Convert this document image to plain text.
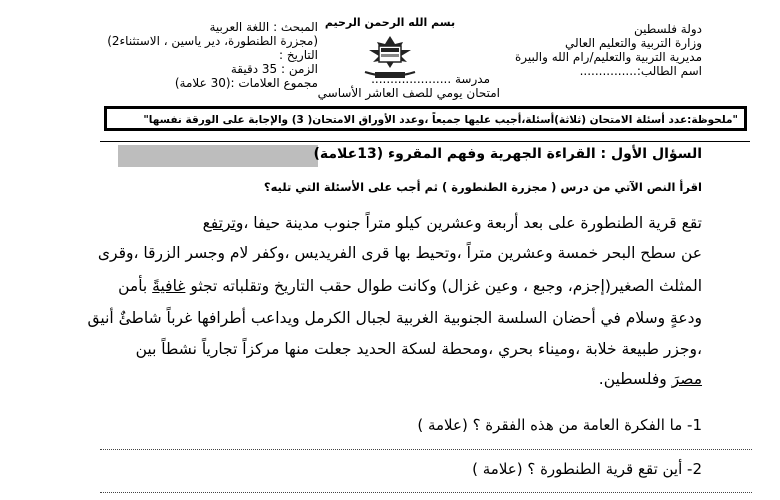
دولة فلسطين
وزارة التربية والتعليم العالي
مديرية التربية والتعليم/رام الله والبيرة
اسم الطالب:...............
بسم الله الرحمن الرحيم
مدرسة .....................
امتحان يومي للصف العاشر الأساسي
المبحث : اللغة العربية
(مجزرة الطنطورة، دير ياسين ، الاستثناء2)
التاريخ :
الزمن : 35 دقيقة
مجموع العلامات :(30 علامة)
"ملحوظة:عدد أسئلة الامتحان (ثلاثة)أسئلة،أجيب عليها جميعاً ،وعدد الأوراق الامتحان( 3) والإجابة على الورقة نفسها"
السؤال الأول : القراءة الجهرية وفهم المقروء (13علامة)
اقرأ النص الآتي من درس ( مجزرة الطنطورة ) ثم أجب على الأسئلة التي تليه؟
تقع قرية الطنطورة على بعد أربعة وعشرين كيلو متراً جنوب مدينة حيفا ،وترتفع
عن سطح البحر خمسة وعشرين متراً ،وتحيط بها قرى الفريديس ،وكفر لام وجسر الزرقا ،وقرى
المثلث الصغير(إجزم، وجبع ، وعين غزال) وكانت طوال حقب التاريخ وتقلباته تجثو غافيةً بأمن
ودعةٍ وسلام في أحضان السلسة الجنوبية الغربية لجبال الكرمل ويداعب أطرافها غرباً شاطئٌ أنيق
،وجزر طبيعة خلابة ،وميناء بحري ،ومحطة لسكة الحديد جعلت منها مركزاً تجارياً نشطاً بين
مصرَ وفلسطين.
1- ما الفكرة العامة من هذه الفقرة ؟ (علامة )
2- أين تقع قرية الطنطورة ؟ (علامة )
